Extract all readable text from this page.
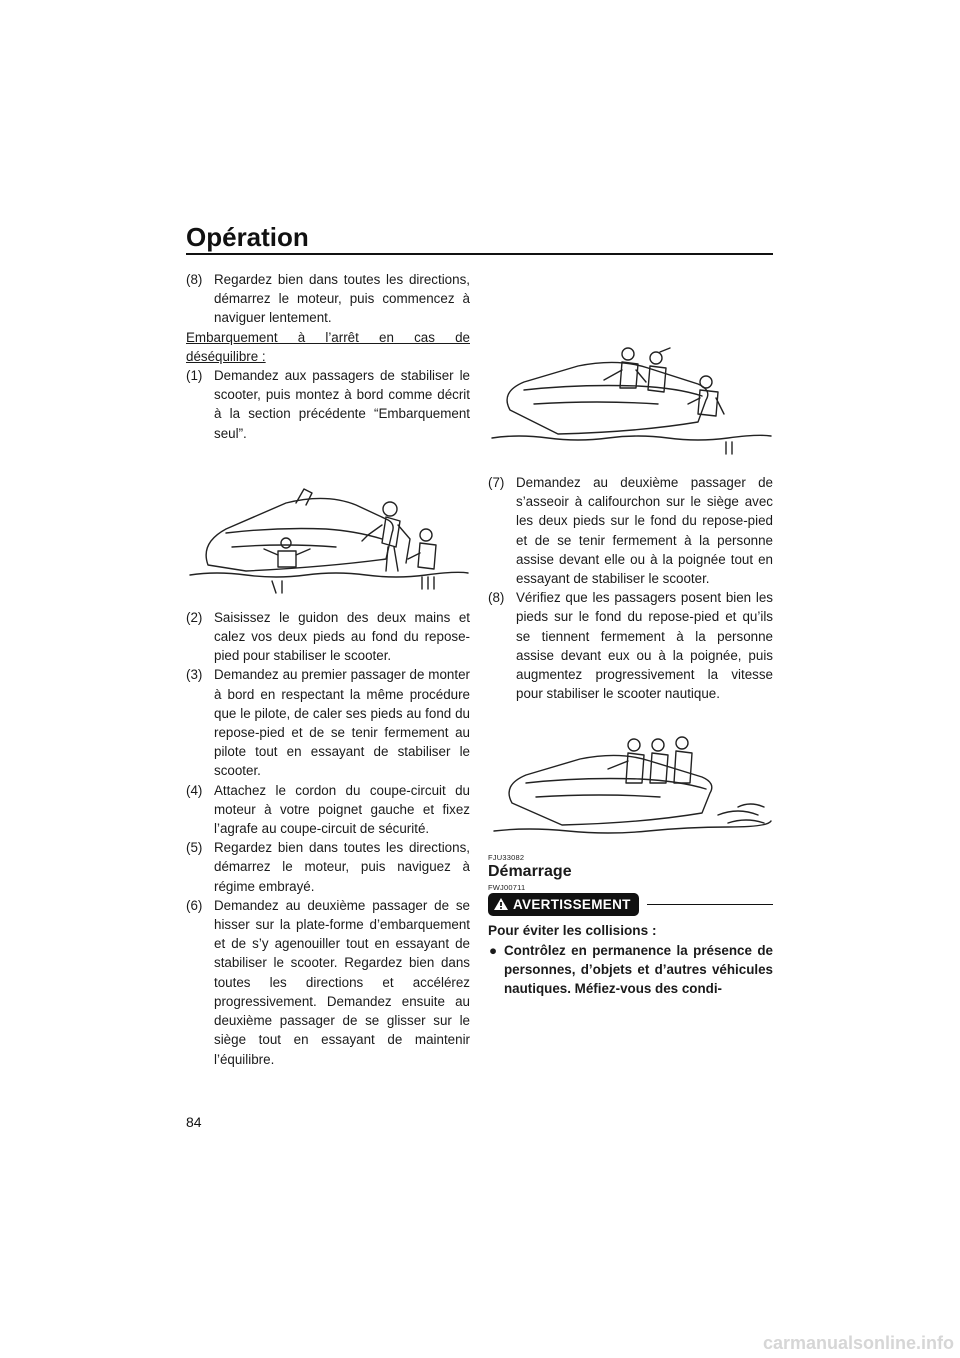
Opération

(8) Regardez bien dans toutes les directions, démarrez le moteur, puis commencez à naviguer lentement.

Embarquement à l’arrêt en cas de

déséquilibre :

(1) Demandez aux passagers de stabiliser le scooter, puis montez à bord comme décrit à la section précédente “Embarquement seul”.

(2) Saisissez le guidon des deux mains et calez vos deux pieds au fond du repose-pied pour stabiliser le scooter.

(3) Demandez au premier passager de monter à bord en respectant la même procédure que le pilote, de caler ses pieds au fond du repose-pied et de se tenir fermement au pilote tout en essayant de stabiliser le scooter.

(4) Attachez le cordon du coupe-circuit du moteur à votre poignet gauche et fixez l’agrafe au coupe-circuit de sécurité.

(5) Regardez bien dans toutes les directions, démarrez le moteur, puis naviguez à régime embrayé.

(6) Demandez au deuxième passager de se hisser sur la plate-forme d’embarquement et de s’y agenouiller tout en essayant de stabiliser le scooter. Regardez bien dans toutes les directions et accélérez progressivement. Demandez ensuite au deuxième passager de se glisser sur le siège tout en essayant de maintenir l’équilibre.

84

(7) Demandez au deuxième passager de s’asseoir à califourchon sur le siège avec les deux pieds sur le fond du repose-pied et de se tenir fermement à la personne assise devant elle ou à la poignée tout en essayant de stabiliser le scooter.

(8) Vérifiez que les passagers posent bien les pieds sur le fond du repose-pied et qu’ils se tiennent fermement à la personne assise devant eux ou à la poignée, puis augmentez progressivement la vitesse pour stabiliser le scooter nautique.

FJU33082

Démarrage

FWJ00711
AVERTISSEMENT

Pour éviter les collisions :

● Contrôlez en permanence la présence de personnes, d’objets et d’autres véhicules nautiques. Méfiez-vous des condi-

carmanualsonline.info
